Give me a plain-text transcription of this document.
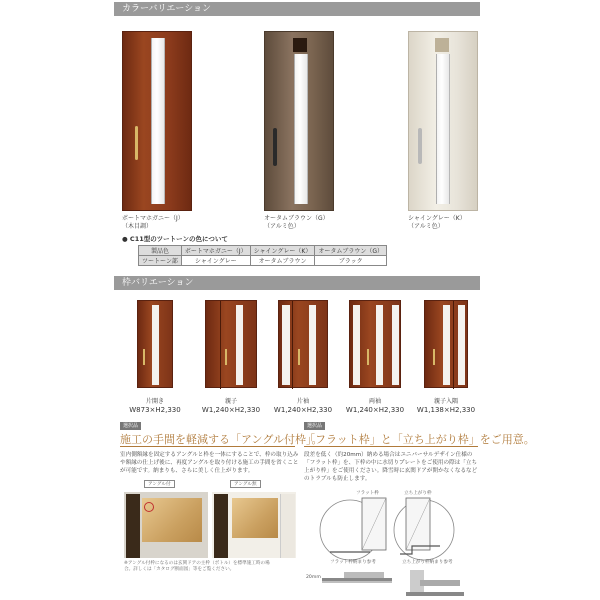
カラーバリエーション
ボートマホガニー（J）
（木目調）
オータムブラウン（G）
（アルミ色）
シャイングレー（K）
（アルミ色）
● C11型のツートーンの色について
製品色	ボートマホガニー（J）	シャイングレー（K）	オータムブラウン（G）
ツートーン部	シャイングレー	オータムブラウン	ブラック
枠バリエーション
片開き	親子	片袖	両袖	親子入隅
W873×H2,330	W1,240×H2,330	W1,240×H2,330	W1,240×H2,330	W1,138×H2,330
選択品
施工の手間を軽減する「アングル付枠」。
室内側額縁を固定するアングルと枠を一体にすることで、枠の取り込みや額縁の仕上げ後に、再度アングルを取り付ける施工の手間を省くことが可能です。納まりも、さらに美しく仕上がります。
アングル付	アングル無
※アングル付枠になるのは玄関ドアの主枠（ボトル）を標準施工時の場合。詳しくは「カタログ断面図」等をご覧ください。
選択品
「フラット枠」と「立ち上がり枠」をご用意。
段差を低く（約20mm）納める場合はユニバーサルデザイン仕様の「フラット枠」を、下枠の中に水切りプレートをご使用の際は「立ち上がり枠」をご使用ください。降雪時に玄関ドアが開かなくなるなどのトラブルも防止します。
フラット枠	立ち上がり枠
フラット枠納まり参考	立ち上がり枠納まり参考
20mm
